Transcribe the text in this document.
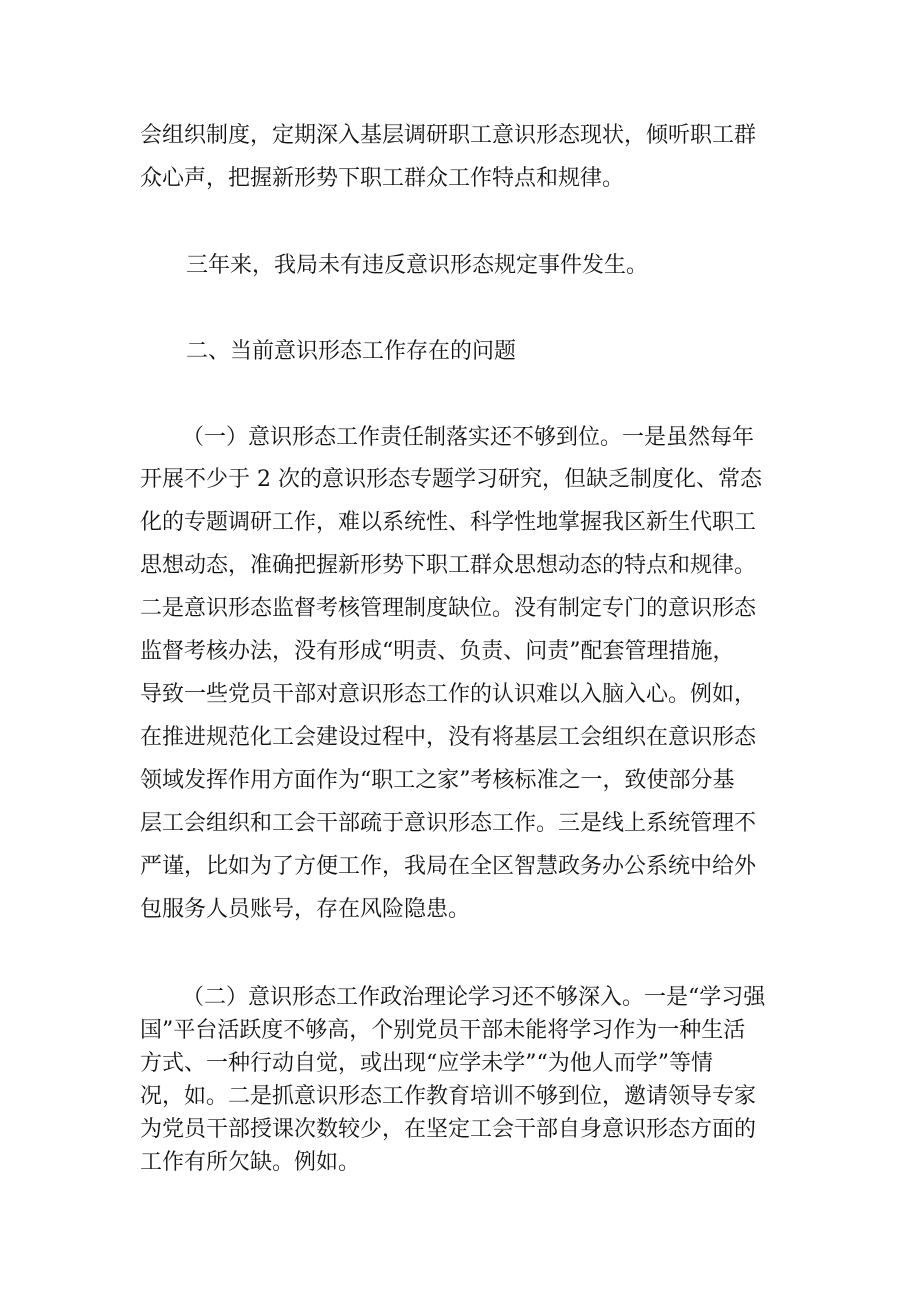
会组织制度，定期深入基层调研职工意识形态现状，倾听职工群
众心声，把握新形势下职工群众工作特点和规律。
三年来，我局未有违反意识形态规定事件发生。
二、当前意识形态工作存在的问题
（一）意识形态工作责任制落实还不够到位。一是虽然每年
开展不少于 2 次的意识形态专题学习研究，但缺乏制度化、常态
化的专题调研工作，难以系统性、科学性地掌握我区新生代职工
思想动态，准确把握新形势下职工群众思想动态的特点和规律。
二是意识形态监督考核管理制度缺位。没有制定专门的意识形态
监督考核办法，没有形成“明责、负责、问责”配套管理措施，
导致一些党员干部对意识形态工作的认识难以入脑入心。例如，
在推进规范化工会建设过程中，没有将基层工会组织在意识形态
领域发挥作用方面作为“职工之家”考核标准之一，致使部分基
层工会组织和工会干部疏于意识形态工作。三是线上系统管理不
严谨，比如为了方便工作，我局在全区智慧政务办公系统中给外
包服务人员账号，存在风险隐患。
（二）意识形态工作政治理论学习还不够深入。一是“学习强
国”平台活跃度不够高，个别党员干部未能将学习作为一种生活
方式、一种行动自觉，或出现“应学未学”“为他人而学”等情
况，如。二是抓意识形态工作教育培训不够到位，邀请领导专家
为党员干部授课次数较少，在坚定工会干部自身意识形态方面的
工作有所欠缺。例如。
